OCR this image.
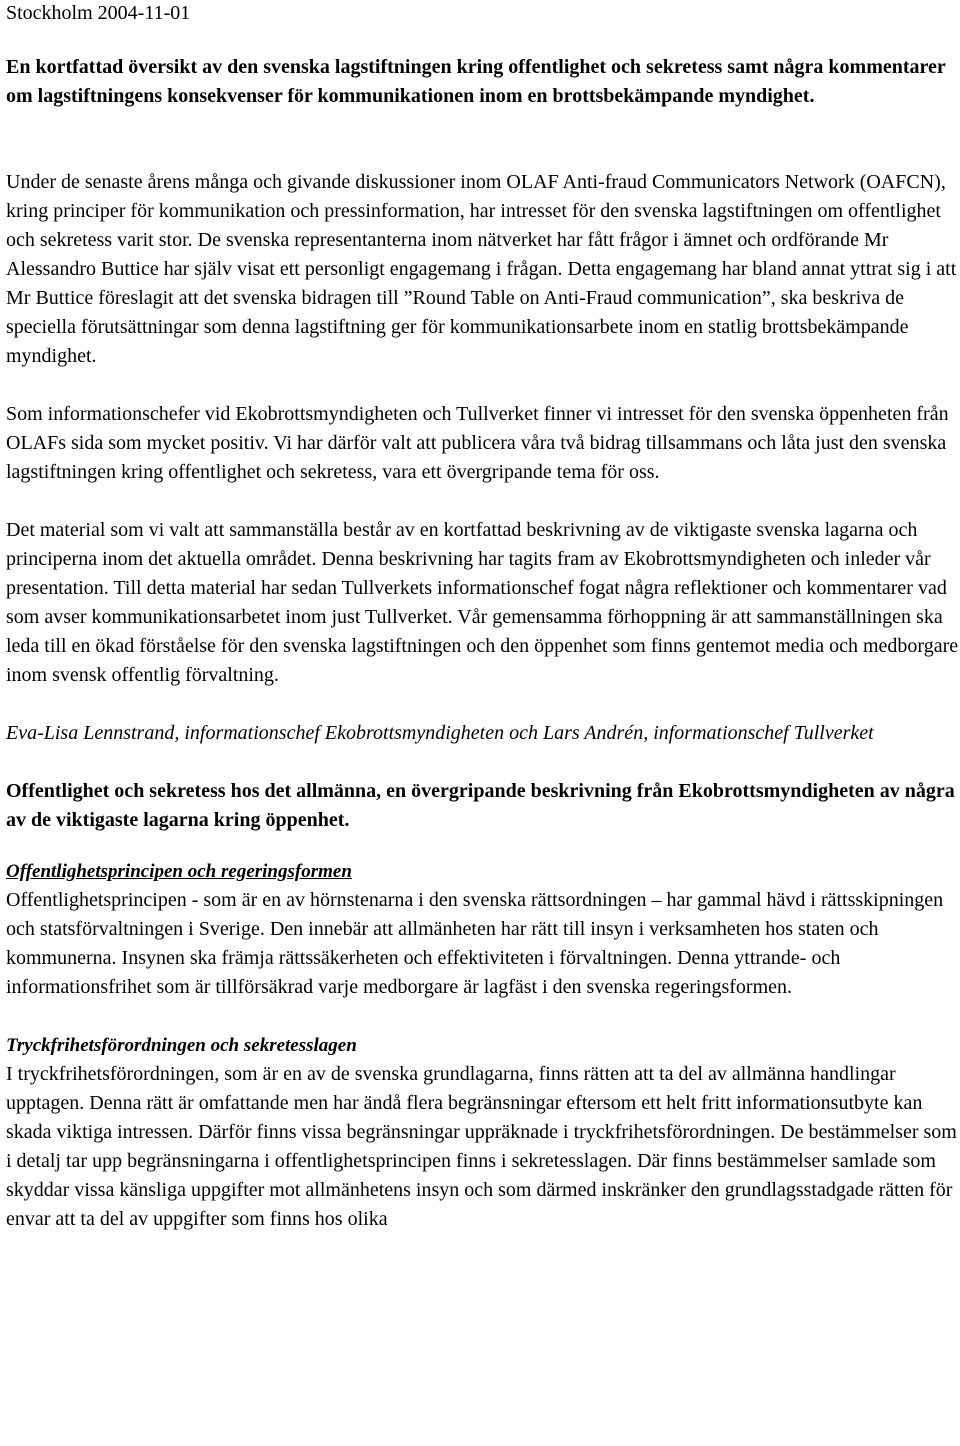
Stockholm 2004-11-01
En kortfattad översikt av den svenska lagstiftningen kring offentlighet och sekretess samt några kommentarer om lagstiftningens konsekvenser för kommunikationen inom en brottsbekämpande myndighet.

Under de senaste årens många och givande diskussioner inom OLAF Anti-fraud Communicators Network (OAFCN), kring principer för kommunikation och pressinformation, har intresset för den svenska lagstiftningen om offentlighet och sekretess varit stor. De svenska representanterna inom nätverket har fått frågor i ämnet och ordförande Mr Alessandro Buttice har själv visat ett personligt engagemang i frågan. Detta engagemang har bland annat yttrat sig i att Mr Buttice föreslagit att det svenska bidragen till ”Round Table on Anti-Fraud communication”, ska beskriva de speciella förutsättningar som denna lagstiftning ger för kommunikationsarbete inom en statlig brottsbekämpande myndighet.

Som informationschefer vid Ekobrottsmyndigheten och Tullverket finner vi intresset för den svenska öppenheten från OLAFs sida som mycket positiv. Vi har därför valt att publicera våra två bidrag tillsammans och låta just den svenska lagstiftningen kring offentlighet och sekretess, vara ett övergripande tema för oss.

Det material som vi valt att sammanställa består av en kortfattad beskrivning av de viktigaste svenska lagarna och principerna inom det aktuella området. Denna beskrivning har tagits fram av Ekobrottsmyndigheten och inleder vår presentation. Till detta material har sedan Tullverkets informationschef fogat några reflektioner och kommentarer vad som avser kommunikationsarbetet inom just Tullverket. Vår gemensamma förhoppning är att sammanställningen ska leda till en ökad förståelse för den svenska lagstiftningen och den öppenhet som finns gentemot media och medborgare inom svensk offentlig förvaltning.

Eva-Lisa Lennstrand, informationschef Ekobrottsmyndigheten och Lars Andrén, informationschef Tullverket

Offentlighet och sekretess hos det allmänna, en övergripande beskrivning från Ekobrottsmyndigheten av några av de viktigaste lagarna kring öppenhet.
Offentlighetsprincipen och regeringsformen

Offentlighetsprincipen - som är en av hörnstenarna i den svenska rättsordningen – har gammal hävd i rättsskipningen och statsförvaltningen i Sverige. Den innebär att allmänheten har rätt till insyn i verksamheten hos staten och kommunerna. Insynen ska främja rättssäkerheten och effektiviteten i förvaltningen. Denna yttrande- och informationsfrihet som är tillförsäkrad varje medborgare är lagfäst i den svenska regeringsformen.

Tryckfrihetsförordningen och sekretesslagen

I tryckfrihetsförordningen, som är en av de svenska grundlagarna, finns rätten att ta del av allmänna handlingar upptagen. Denna rätt är omfattande men har ändå flera begränsningar eftersom ett helt fritt informationsutbyte kan skada viktiga intressen. Därför finns vissa begränsningar uppräknade i tryckfrihetsförordningen. De bestämmelser som i detalj tar upp begränsningarna i offentlighetsprincipen finns i sekretesslagen. Där finns bestämmelser samlade som skyddar vissa känsliga uppgifter mot allmänhetens insyn och som därmed inskränker den grundlagsstadgade rätten för envar att ta del av uppgifter som finns hos olika
